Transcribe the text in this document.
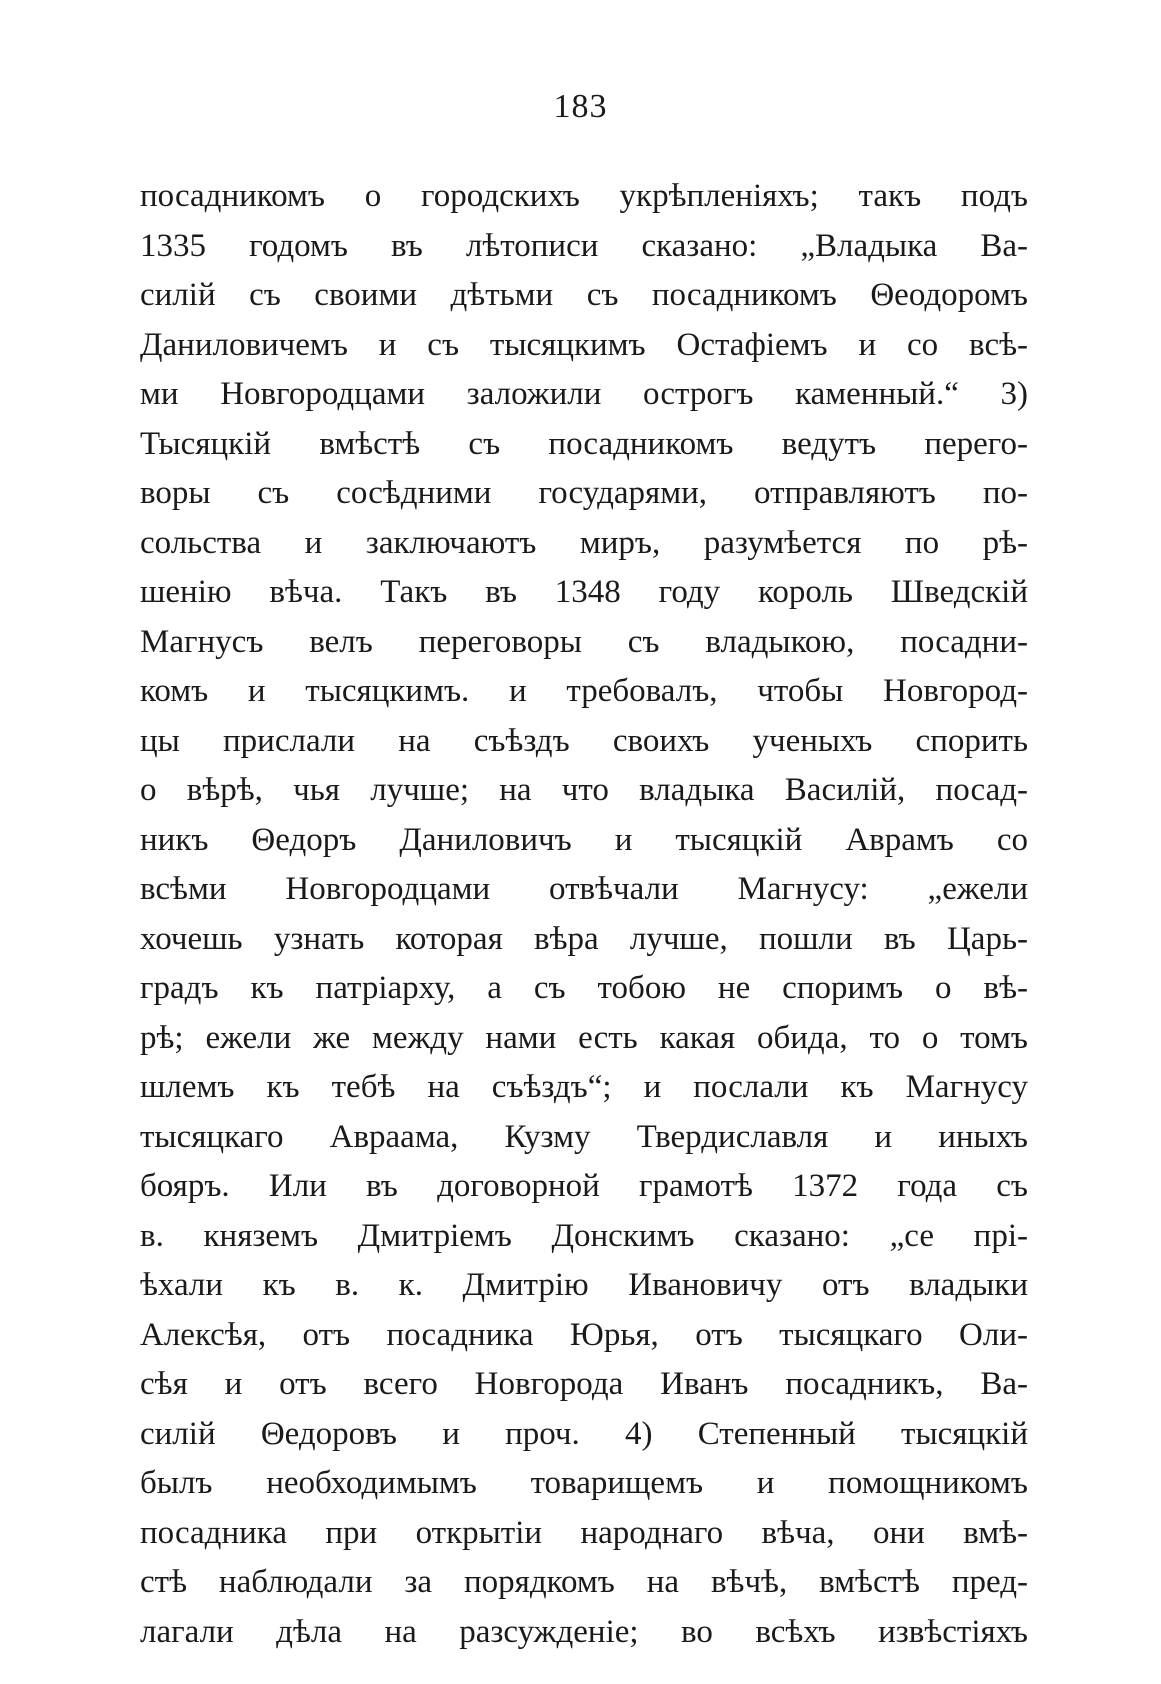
183
посадникомъ о городскихъ укрѣпленіяхъ; такъ подъ
1335 годомъ въ лѣтописи сказано: „Владыка Ва-
силій съ своими дѣтьми съ посадникомъ Θеодоромъ
Даниловичемъ и съ тысяцкимъ Остафіемъ и со всѣ-
ми Новгородцами заложили острогъ каменный.“ 3)
Тысяцкій вмѣстѣ съ посадникомъ ведутъ перего-
воры съ сосѣдними государями, отправляютъ по-
сольства и заключаютъ миръ, разумѣется по рѣ-
шенію вѣча. Такъ въ 1348 году король Шведскій
Магнусъ велъ переговоры съ владыкою, посадни-
комъ и тысяцкимъ. и требовалъ, чтобы Новгород-
цы прислали на съѣздъ своихъ ученыхъ спорить
о вѣрѣ, чья лучше; на что владыка Василій, посад-
никъ Θедоръ Даниловичъ и тысяцкій Аврамъ со
всѣми Новгородцами отвѣчали Магнусу: „ежели
хочешь узнать которая вѣра лучше, пошли въ Царь-
градъ къ патріарху, а съ тобою не споримъ о вѣ-
рѣ; ежели же между нами есть какая обида, то о томъ
шлемъ къ тебѣ на съѣздъ“; и послали къ Магнусу
тысяцкаго Авраама, Кузму Твердиславля и иныхъ
бояръ. Или въ договорной грамотѣ 1372 года съ
в. княземъ Дмитріемъ Донскимъ сказано: „се прі-
ѣхали къ в. к. Дмитрію Ивановичу отъ владыки
Алексѣя, отъ посадника Юрья, отъ тысяцкаго Оли-
сѣя и отъ всего Новгорода Иванъ посадникъ, Ва-
силій Θедоровъ и проч. 4) Степенный тысяцкій
былъ необходимымъ товарищемъ и помощникомъ
посадника при открытіи народнаго вѣча, они вмѣ-
стѣ наблюдали за порядкомъ на вѣчѣ, вмѣстѣ пред-
лагали дѣла на разсужденіе; во всѣхъ извѣстіяхъ
